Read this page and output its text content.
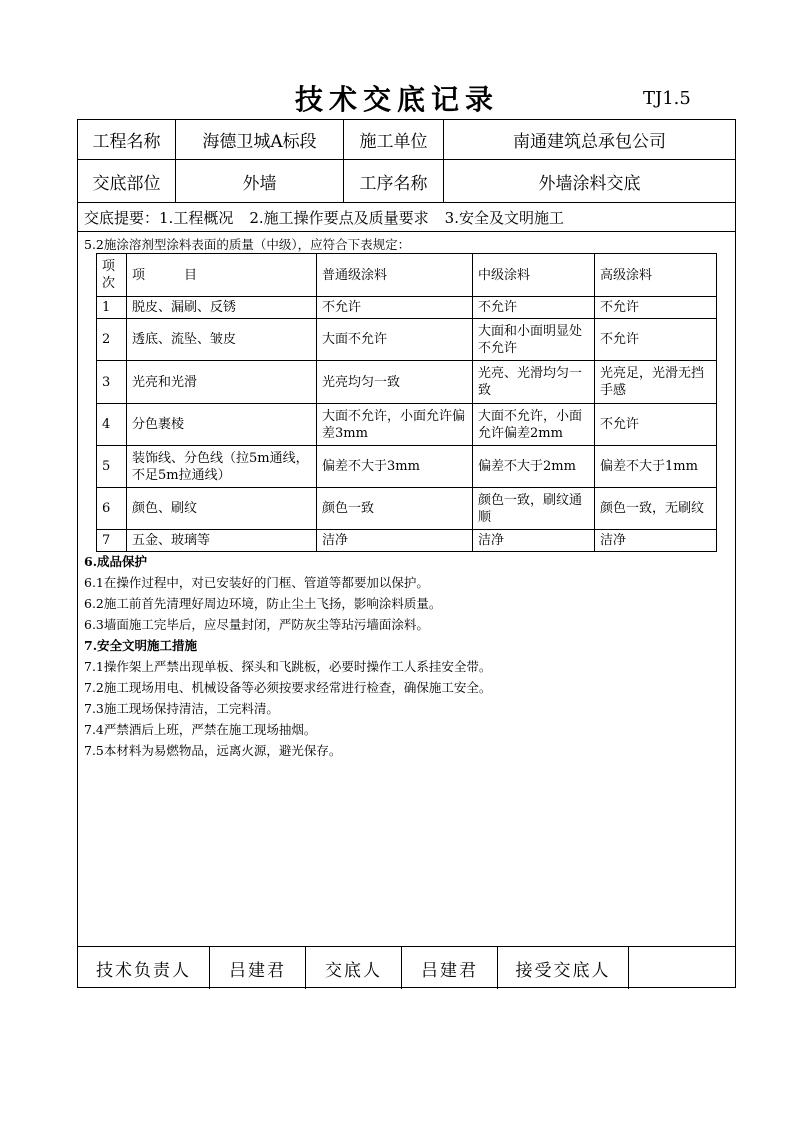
技术交底记录	TJ1.5
工程名称	海德卫城A标段	施工单位	南通建筑总承包公司
交底部位	外墙	工序名称	外墙涂料交底
交底提要： 1.工程概况 2.施工操作要点及质量要求 3.安全及文明施工
5.2施涂溶剂型涂料表面的质量（中级），应符合下表规定：
项次	项　　　目	普通级涂料	中级涂料	高级涂料
1	脱皮、漏刷、反锈	不允许	不允许	不允许
2	透底、流坠、皱皮	大面不允许	大面和小面明显处不允许	不允许
3	光亮和光滑	光亮均匀一致	光亮、光滑均匀一致	光亮足，光滑无挡手感
4	分色裹棱	大面不允许，小面允许偏差3mm	大面不允许，小面允许偏差2mm	不允许
5	装饰线、分色线（拉5m通线，不足5m拉通线）	偏差不大于3mm	偏差不大于2mm	偏差不大于1mm
6	颜色、刷纹	颜色一致	颜色一致，刷纹通顺	颜色一致，无刷纹
7	五金、玻璃等	洁净	洁净	洁净
6.成品保护
6.1在操作过程中，对已安装好的门框、管道等都要加以保护。
6.2施工前首先清理好周边环境，防止尘土飞扬，影响涂料质量。
6.3墙面施工完毕后，应尽量封闭，严防灰尘等玷污墙面涂料。
7.安全文明施工措施
7.1操作架上严禁出现单板、探头和飞跳板，必要时操作工人系挂安全带。
7.2施工现场用电、机械设备等必须按要求经常进行检查，确保施工安全。
7.3施工现场保持清洁，工完料清。
7.4严禁酒后上班，严禁在施工现场抽烟。
7.5本材料为易燃物品，远离火源，避光保存。
技术负责人	吕建君	交底人	吕建君	接受交底人
